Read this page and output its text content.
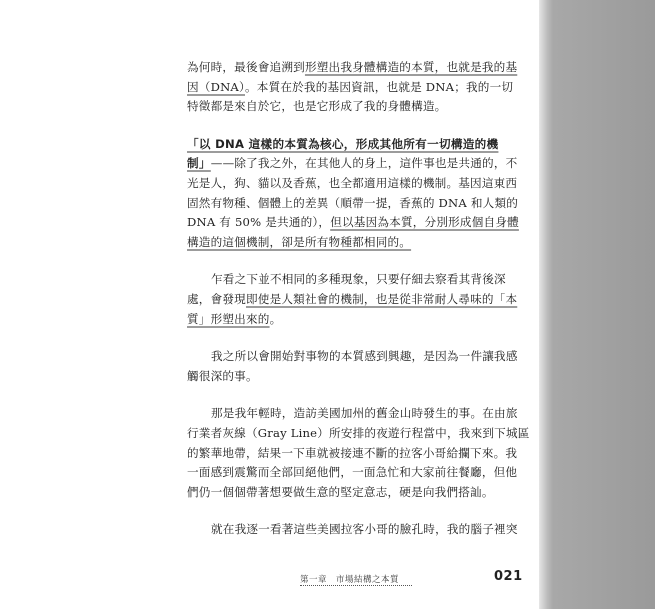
為何時，最後會追溯到形塑出我身體構造的本質，也就是我的基
因（DNA）。本質在於我的基因資訊，也就是 DNA；我的一切
特徵都是來自於它，也是它形成了我的身體構造。

「以 DNA 這樣的本質為核心，形成其他所有一切構造的機
制」——除了我之外，在其他人的身上，這件事也是共通的，不
光是人，狗、貓以及香蕉，也全都適用這樣的機制。基因這東西
固然有物種、個體上的差異（順帶一提，香蕉的 DNA 和人類的
DNA 有 50% 是共通的），但以基因為本質，分別形成個自身體
構造的這個機制，卻是所有物種都相同的。

乍看之下並不相同的多種現象，只要仔細去察看其背後深
處，會發現即使是人類社會的機制，也是從非常耐人尋味的「本
質」形塑出來的。

我之所以會開始對事物的本質感到興趣，是因為一件讓我感
觸很深的事。

那是我年輕時，造訪美國加州的舊金山時發生的事。在由旅
行業者灰線（Gray Line）所安排的夜遊行程當中，我來到下城區
的繁華地帶，結果一下車就被接連不斷的拉客小哥給攔下來。我
一面感到震驚而全部回絕他們，一面急忙和大家前往餐廳，但他
們仍一個個帶著想要做生意的堅定意志，硬是向我們搭訕。

就在我逐一看著這些美國拉客小哥的臉孔時，我的腦子裡突

第一章　市場結構之本質	021
